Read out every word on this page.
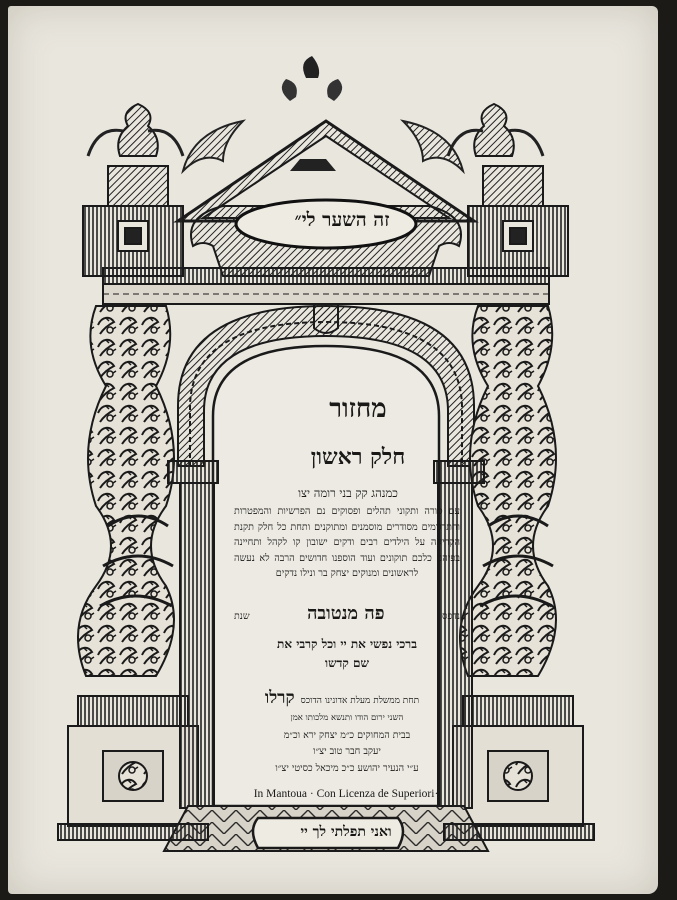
זה השער לי״
מחזור
חלק ראשון
כמנהג קק בני רומה יצו
עם סורה ותקוני תהלים ופסוקים נם הפרשיות והמפטרות והתרגומים מסודרים מוסמנים ומתוקנים ותחת כל חלק תקנת הקריאה על הילדים רבים ודקים ישובון קו לקהל ותחיינה בפיהם כלכם תוקונים ועוד הוספנו חדושים הרבה לא נעשה לראשונים ומנוקים יצחק בר ונילו נדקים
נדפס
פה מנטובה
שנת
ברכי נפשי את יי וכל קרבי את
שם קדשו
תחת ממשלת מעלת אדונינו הדוכס
קרלו
השני ירום הודו ותנשא מלכותו אמן
בבית המחוקים כ״מ יצחק ירא וכ״מ
יעקב חבר טוב יצ״ו
ע״י הנעיר יהושע כ״כ מיכאל כסיטי יצ״ו
In Mantoua · Con Licenza de Superiori·
ואני תפלתי לך יי
